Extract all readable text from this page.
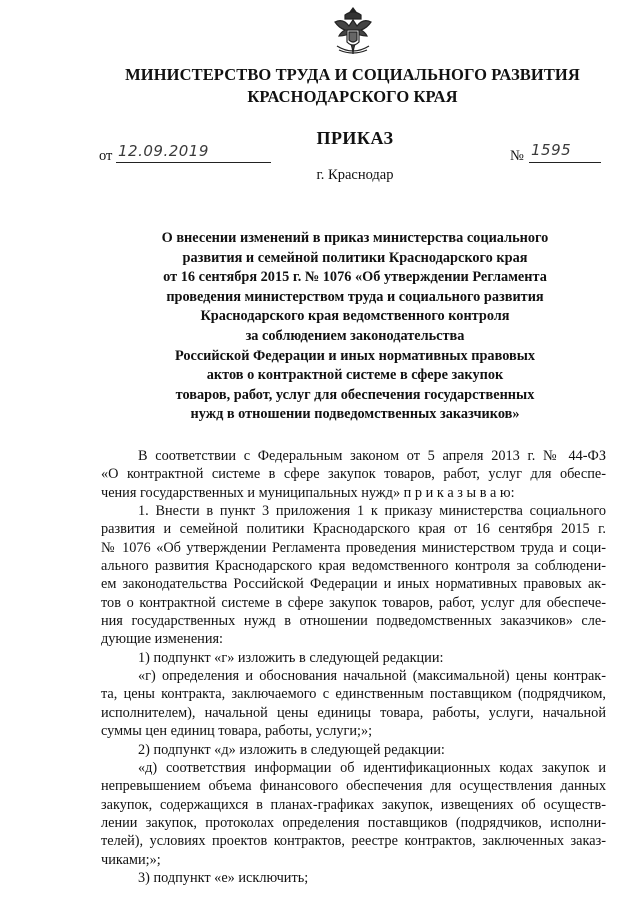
МИНИСТЕРСТВО ТРУДА И СОЦИАЛЬНОГО РАЗВИТИЯ
КРАСНОДАРСКОГО КРАЯ
ПРИКАЗ
от 12.09.2019	№ 1595
г. Краснодар
О внесении изменений в приказ министерства социального
развития и семейной политики Краснодарского края
от 16 сентября 2015 г. № 1076 «Об утверждении Регламента
проведения министерством труда и социального развития
Краснодарского края ведомственного контроля
за соблюдением законодательства
Российской Федерации и иных нормативных правовых
актов о контрактной системе в сфере закупок
товаров, работ, услуг для обеспечения государственных
нужд в отношении подведомственных заказчиков»
В соответствии с Федеральным законом от 5 апреля 2013 г. № 44-ФЗ
«О контрактной системе в сфере закупок товаров, работ, услуг для обеспе-
чения государственных и муниципальных нужд» п р и к а з ы в а ю:
1. Внести в пункт 3 приложения 1 к приказу министерства социального
развития и семейной политики Краснодарского края от 16 сентября 2015 г.
№ 1076 «Об утверждении Регламента проведения министерством труда и соци-
ального развития Краснодарского края ведомственного контроля за соблюдени-
ем законодательства Российской Федерации и иных нормативных правовых ак-
тов о контрактной системе в сфере закупок товаров, работ, услуг для обеспече-
ния государственных нужд в отношении подведомственных заказчиков» сле-
дующие изменения:
1) подпункт «г» изложить в следующей редакции:
«г) определения и обоснования начальной (максимальной) цены контрак-
та, цены контракта, заключаемого с единственным поставщиком (подрядчиком,
исполнителем), начальной цены единицы товара, работы, услуги, начальной
суммы цен единиц товара, работы, услуги;»;
2) подпункт «д» изложить в следующей редакции:
«д) соответствия информации об идентификационных кодах закупок и
непревышением объема финансового обеспечения для осуществления данных
закупок, содержащихся в планах-графиках закупок, извещениях об осуществ-
лении закупок, протоколах определения поставщиков (подрядчиков, исполни-
телей), условиях проектов контрактов, реестре контрактов, заключенных заказ-
чиками;»;
3) подпункт «е» исключить;
